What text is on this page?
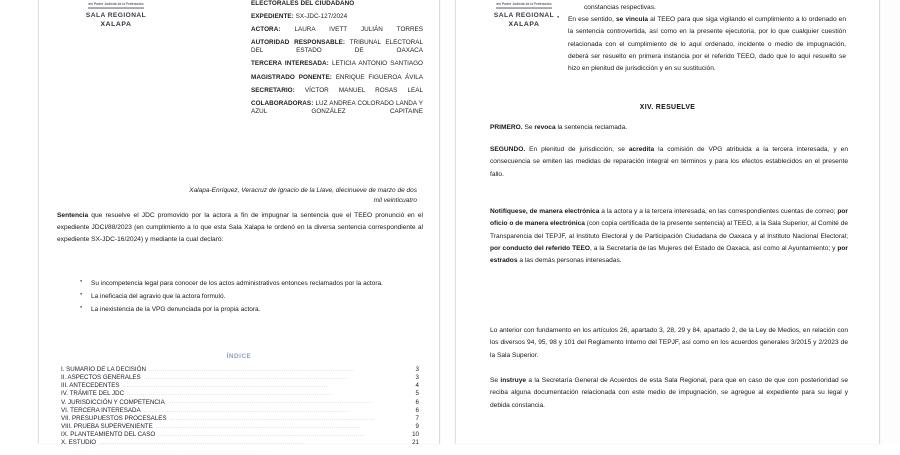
del Poder Judicial de la Federación
SALA REGIONAL
XALAPA
ELECTORALES DEL CIUDADANO
EXPEDIENTE: SX-JDC-127/2024
ACTORA: LAURA IVETT JULIÁN TORRES
AUTORIDAD RESPONSABLE: TRIBUNAL ELECTORAL DEL ESTADO DE OAXACA
TERCERA INTERESADA: LETICIA ANTONIO SANTIAGO
MAGISTRADO PONENTE: ENRIQUE FIGUEROA ÁVILA
SECRETARIO: VÍCTOR MANUEL ROSAS LEAL
COLABORADORAS: LUZ ANDREA COLORADO LANDA Y AZUL GONZÁLEZ CAPITAINE
Xalapa-Enríquez, Veracruz de Ignacio de la Llave, diecinueve de marzo de dos mil veinticuatro
Sentencia que resuelve el JDC promovido por la actora a fin de impugnar la sentencia que el TEEO pronunció en el expediente JDCI/88/2023 (en cumplimiento a lo que esta Sala Xalapa le ordenó en la diversa sentencia correspondiente al expediente SX-JDC-16/2024) y mediante la cual declaró:
● Su incompetencia legal para conocer de los actos administrativos entonces reclamados por la actora.
● La ineficacia del agravio que la actora formuló.
● La inexistencia de la VPG denunciada por la propia actora.
ÍNDICE
I. SUMARIO DE LA DECISIÓN .........................................................................................................	3
II. ASPECTOS GENERALES .........................................................................................................	3
III. ANTECEDENTES .........................................................................................................	4
IV. TRÁMITE DEL JDC .........................................................................................................	5
V. JURISDICCIÓN Y COMPETENCIA .........................................................................................................	6
VI. TERCERA INTERESADA .........................................................................................................	6
VII. PRESUPUESTOS PROCESALES .........................................................................................................	7
VIII. PRUEBA SUPERVENIENTE .........................................................................................................	9
IX. PLANTEAMIENTO DEL CASO .........................................................................................................	10
X. ESTUDIO .........................................................................................................	21

.........................................................................................................

del Poder Judicial de la Federación
SALA REGIONAL
XALAPA
constancias respectivas.
● En ese sentido, se vincula al TEEO para que siga vigilando el cumplimiento a lo ordenado en la sentencia controvertida, así como en la presente ejecutoria, por lo que cualquier cuestión relacionada con el cumplimiento de lo aquí ordenado, incidente o medio de impugnación, deberá ser resuelto en primera instancia por el referido TEEO, dado que lo aquí resuelto se hizo en plenitud de jurisdicción y en su sustitución.
XIV. RESUELVE
PRIMERO. Se revoca la sentencia reclamada.
SEGUNDO. En plenitud de jurisdicción, se acredita la comisión de VPG atribuida a la tercera interesada, y en consecuencia se emiten las medidas de reparación integral en términos y para los efectos establecidos en el presente fallo.
Notifíquese, de manera electrónica a la actora y a la tercera interesada, en las correspondientes cuentas de correo; por oficio o de manera electrónica (con copia certificada de la presente sentencia) al TEEO, a la Sala Superior, al Comité de Transparencia del TEPJF, al Instituto Electoral y de Participación Ciudadana de Oaxaca y al Instituto Nacional Electoral; por conducto del referido TEEO, a la Secretaría de las Mujeres del Estado de Oaxaca, así como al Ayuntamiento; y por estrados a las demás personas interesadas.
Lo anterior con fundamento en los artículos 26, apartado 3, 28, 29 y 84, apartado 2, de la Ley de Medios, en relación con los diversos 94, 95, 98 y 101 del Reglamento Interno del TEPJF, así como en los acuerdos generales 3/2015 y 2/2023 de la Sala Superior.
Se instruye a la Secretaría General de Acuerdos de esta Sala Regional, para que en caso de que con posterioridad se reciba alguna documentación relacionada con este medio de impugnación, se agregue al expediente para su legal y debida constancia.
